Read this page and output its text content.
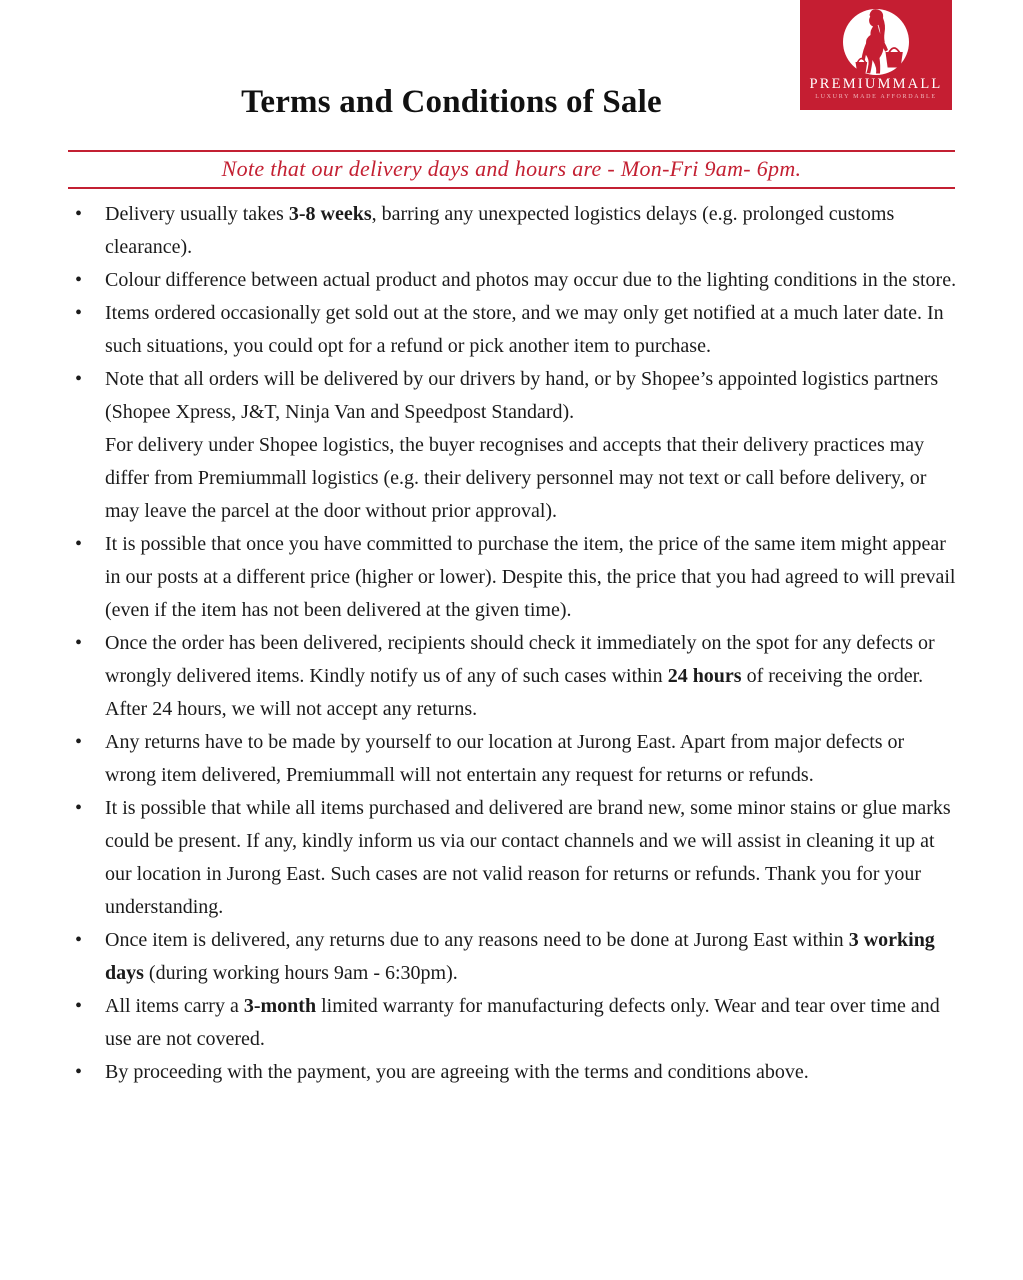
PREMIUMMALL
LUXURY MADE AFFORDABLE
Terms and Conditions of Sale
Note that our delivery days and hours are - Mon-Fri 9am- 6pm.
• Delivery usually takes 3-8 weeks, barring any unexpected logistics delays (e.g. prolonged customs clearance).
• Colour difference between actual product and photos may occur due to the lighting conditions in the store.
• Items ordered occasionally get sold out at the store, and we may only get notified at a much later date. In such situations, you could opt for a refund or pick another item to purchase.
• Note that all orders will be delivered by our drivers by hand, or by Shopee’s appointed logistics partners (Shopee Xpress, J&T, Ninja Van and Speedpost Standard).
For delivery under Shopee logistics, the buyer recognises and accepts that their delivery practices may differ from Premiummall logistics (e.g. their delivery personnel may not text or call before delivery, or may leave the parcel at the door without prior approval).
• It is possible that once you have committed to purchase the item, the price of the same item might appear in our posts at a different price (higher or lower). Despite this, the price that you had agreed to will prevail (even if the item has not been delivered at the given time).
• Once the order has been delivered, recipients should check it immediately on the spot for any defects or wrongly delivered items. Kindly notify us of any of such cases within 24 hours of receiving the order. After 24 hours, we will not accept any returns.
• Any returns have to be made by yourself to our location at Jurong East. Apart from major defects or wrong item delivered, Premiummall will not entertain any request for returns or refunds.
• It is possible that while all items purchased and delivered are brand new, some minor stains or glue marks could be present. If any, kindly inform us via our contact channels and we will assist in cleaning it up at our location in Jurong East. Such cases are not valid reason for returns or refunds. Thank you for your understanding.
• Once item is delivered, any returns due to any reasons need to be done at Jurong East within 3 working days (during working hours 9am - 6:30pm).
• All items carry a 3-month limited warranty for manufacturing defects only. Wear and tear over time and use are not covered.
• By proceeding with the payment, you are agreeing with the terms and conditions above.
